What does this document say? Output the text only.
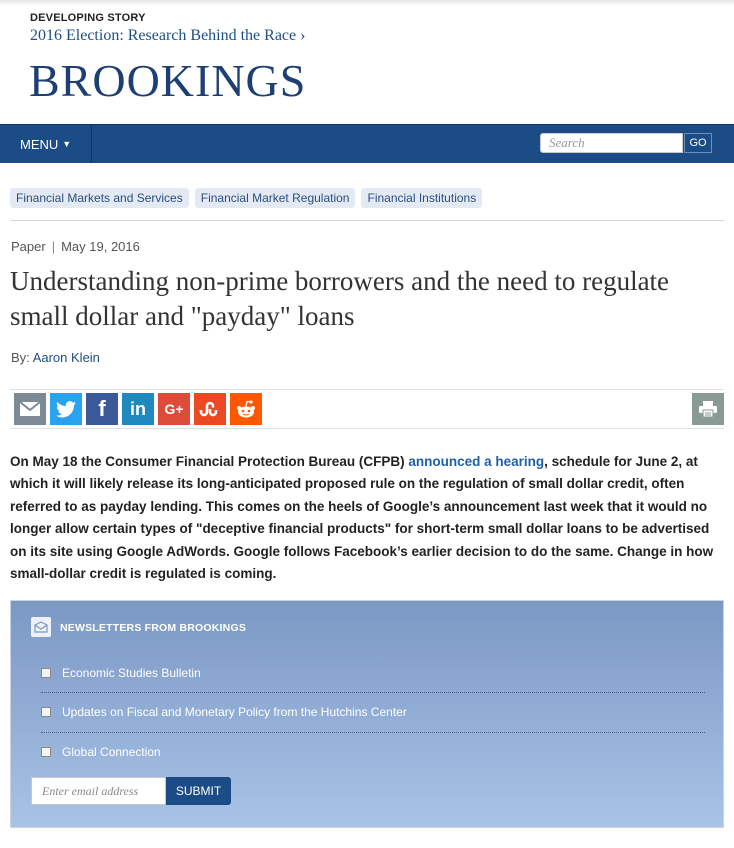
DEVELOPING STORY
2016 Election: Research Behind the Race ›
BROOKINGS
MENU ▼
Search	GO
Financial Markets and Services	Financial Market Regulation	Financial Institutions
Paper | May 19, 2016
Understanding non-prime borrowers and the need to regulate small dollar and "payday" loans
By: Aaron Klein
f in G+

On May 18 the Consumer Financial Protection Bureau (CFPB) announced a hearing, schedule for June 2, at which it will likely release its long-anticipated proposed rule on the regulation of small dollar credit, often referred to as payday lending. This comes on the heels of Google’s announcement last week that it would no longer allow certain types of "deceptive financial products" for short-term small dollar loans to be advertised on its site using Google AdWords. Google follows Facebook’s earlier decision to do the same. Change in how small-dollar credit is regulated is coming.

NEWSLETTERS FROM BROOKINGS
Economic Studies Bulletin
Updates on Fiscal and Monetary Policy from the Hutchins Center
Global Connection
Enter email address
SUBMIT
